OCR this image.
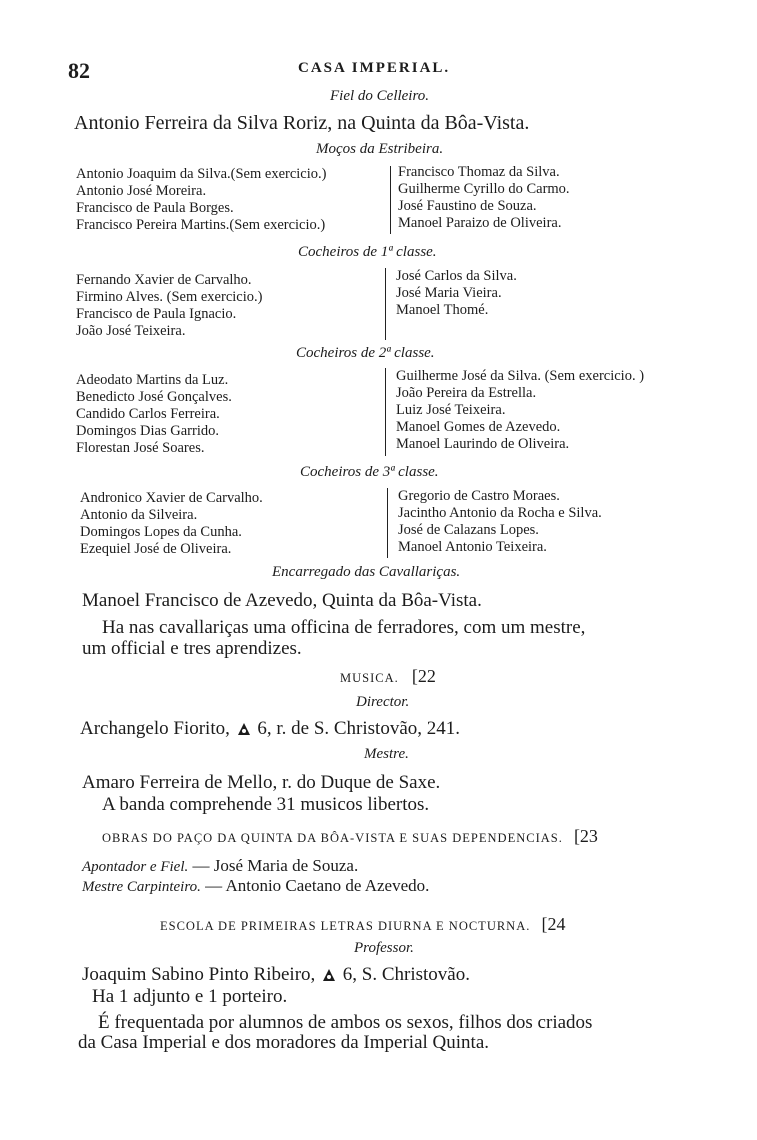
82	CASA IMPERIAL.
Fiel do Celleiro.
Antonio Ferreira da Silva Roriz, na Quinta da Bôa-Vista.
Moços da Estribeira.
Antonio Joaquim da Silva.(Sem exercicio.)
Antonio José Moreira.
Francisco de Paula Borges.
Francisco Pereira Martins.(Sem exercicio.)
Francisco Thomaz da Silva.
Guilherme Cyrillo do Carmo.
José Faustino de Souza.
Manoel Paraizo de Oliveira.
Cocheiros de 1ª classe.
Fernando Xavier de Carvalho.
Firmino Alves. (Sem exercicio.)
Francisco de Paula Ignacio.
João José Teixeira.
José Carlos da Silva.
José Maria Vieira.
Manoel Thomé.
Cocheiros de 2ª classe.
Adeodato Martins da Luz.
Benedicto José Gonçalves.
Candido Carlos Ferreira.
Domingos Dias Garrido.
Florestan José Soares.
Guilherme José da Silva. (Sem exercicio. )
João Pereira da Estrella.
Luiz José Teixeira.
Manoel Gomes de Azevedo.
Manoel Laurindo de Oliveira.
Cocheiros de 3ª classe.
Andronico Xavier de Carvalho.
Antonio da Silveira.
Domingos Lopes da Cunha.
Ezequiel José de Oliveira.
Gregorio de Castro Moraes.
Jacintho Antonio da Rocha e Silva.
José de Calazans Lopes.
Manoel Antonio Teixeira.
Encarregado das Cavallariças.
Manoel Francisco de Azevedo, Quinta da Bôa-Vista.
Ha nas cavallariças uma officina de ferradores, com um mestre,
um official e tres aprendizes.
MUSICA. [22
Director.
Archangelo Fiorito, 6, r. de S. Christovão, 241.
Mestre.
Amaro Ferreira de Mello, r. do Duque de Saxe.
A banda comprehende 31 musicos libertos.
OBRAS DO PAÇO DA QUINTA DA BÔA-VISTA E SUAS DEPENDENCIAS. [23
Apontador e Fiel. — José Maria de Souza.
Mestre Carpinteiro. — Antonio Caetano de Azevedo.
ESCOLA DE PRIMEIRAS LETRAS DIURNA E NOCTURNA. [24
Professor.
Joaquim Sabino Pinto Ribeiro, 6, S. Christovão.
Ha 1 adjunto e 1 porteiro.
É frequentada por alumnos de ambos os sexos, filhos dos criados
da Casa Imperial e dos moradores da Imperial Quinta.
